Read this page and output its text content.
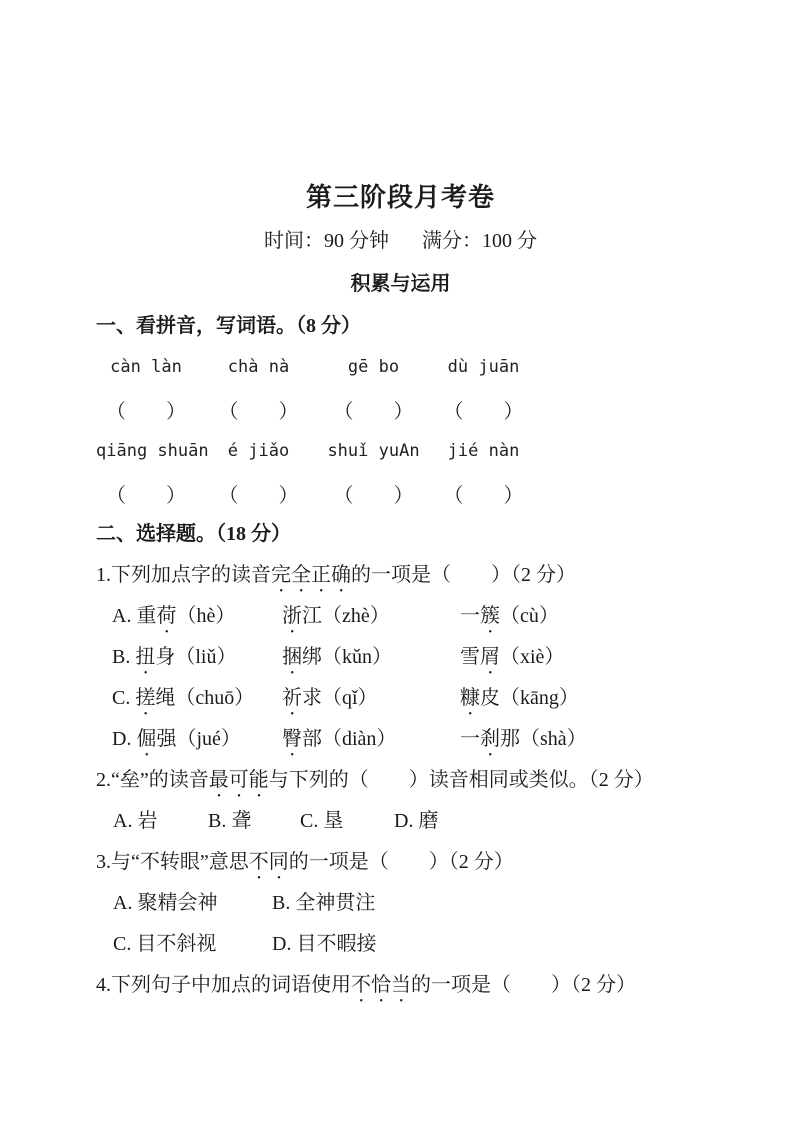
第三阶段月考卷
时间：90 分钟 满分：100 分
积累与运用
一、看拼音，写词语。（8 分）
càn làn	chà nà	gē bo	dù juān
（　　）	（　　）	（　　）	（　　）
qiāng shuān	é jiǎo	shuǐ yuAn	jié nàn
（　　）	（　　）	（　　）	（　　）
二、选择题。（18 分）
1.下列加点字的读音完全正确的一项是（　　）（2 分）
A. 重荷（hè）	浙江（zhè）	一簇（cù）
B. 扭身（liǔ）	捆绑（kǔn）	雪屑（xiè）
C. 搓绳（chuō）	祈求（qǐ）	糠皮（kāng）
D. 倔强（jué）	臀部（diàn）	一刹那（shà）
2.“垒”的读音最可能与下列的（　　）读音相同或类似。（2 分）
A. 岩	B. 聋	C. 垦	D. 磨
3.与“不转眼”意思不同的一项是（　　）（2 分）
A. 聚精会神	B. 全神贯注
C. 目不斜视	D. 目不暇接
4.下列句子中加点的词语使用不恰当的一项是（　　）（2 分）
